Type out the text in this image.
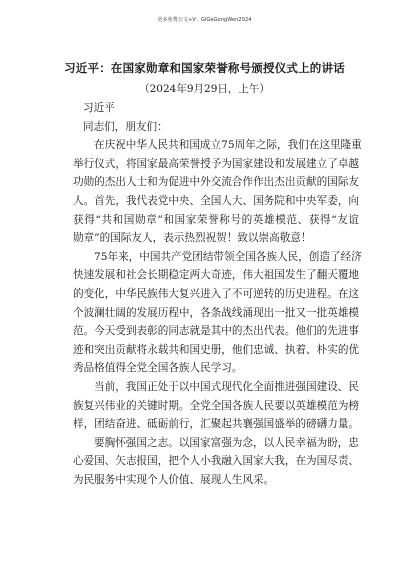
更多免费公文+V：GiGeGongWen2024
习近平：在国家勋章和国家荣誉称号颁授仪式上的讲话
（2024年9月29日，上午）

习近平

同志们，朋友们：

在庆祝中华人民共和国成立75周年之际，我们在这里隆重
举行仪式，将国家最高荣誉授予为国家建设和发展建立了卓越
功勋的杰出人士和为促进中外交流合作作出杰出贡献的国际友
人。首先，我代表党中央、全国人大、国务院和中央军委，向
获得“共和国勋章”和国家荣誉称号的英雄模范、获得“友谊
勋章”的国际友人，表示热烈祝贺！致以崇高敬意！

75年来，中国共产党团结带领全国各族人民，创造了经济
快速发展和社会长期稳定两大奇迹，伟大祖国发生了翻天覆地
的变化，中华民族伟大复兴进入了不可逆转的历史进程。在这
个波澜壮阔的发展历程中，各条战线涌现出一批又一批英雄模
范。今天受到表彰的同志就是其中的杰出代表。他们的先进事
迹和突出贡献将永载共和国史册，他们忠诚、执着、朴实的优
秀品格值得全党全国各族人民学习。

当前，我国正处于以中国式现代化全面推进强国建设、民
族复兴伟业的关键时期。全党全国各族人民要以英雄模范为榜
样，团结奋进、砥砺前行，汇聚起共襄强国盛举的磅礴力量。

要胸怀强国之志。以国家富强为念，以人民幸福为盼，忠
心爱国、矢志报国，把个人小我融入国家大我，在为国尽责、
为民服务中实现个人价值、展现人生风采。
